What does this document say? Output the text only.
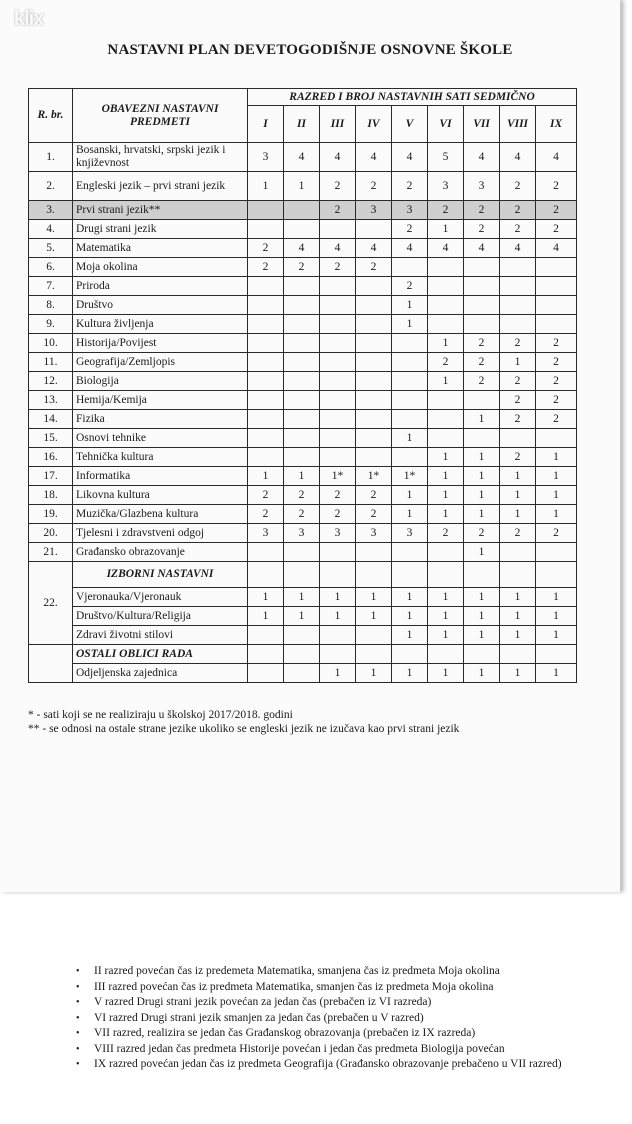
klix
NASTAVNI PLAN DEVETOGODIŠNJE OSNOVNE ŠKOLE
R. br.	OBAVEZNI NASTAVNI PREDMETI	RAZRED I BROJ NASTAVNIH SATI SEDMIČNO								
		I	II	III	IV	V	VI	VII	VIII	IX
1.	Bosanski, hrvatski, srpski jezik i književnost	3	4	4	4	4	5	4	4	4
2.	Engleski jezik – prvi strani jezik	1	1	2	2	2	3	3	2	2
3.	Prvi strani jezik**			2	3	3	2	2	2	2
4.	Drugi strani jezik					2	1	2	2	2
5.	Matematika	2	4	4	4	4	4	4	4	4
6.	Moja okolina	2	2	2	2					
7.	Priroda					2				
8.	Društvo					1				
9.	Kultura življenja					1				
10.	Historija/Povijest						1	2	2	2
11.	Geografija/Zemljopis						2	2	1	2
12.	Biologija						1	2	2	2
13.	Hemija/Kemija								2	2
14.	Fizika							1	2	2
15.	Osnovi tehnike					1				
16.	Tehnička kultura						1	1	2	1
17.	Informatika	1	1	1*	1*	1*	1	1	1	1
18.	Likovna kultura	2	2	2	2	1	1	1	1	1
19.	Muzička/Glazbena kultura	2	2	2	2	1	1	1	1	1
20.	Tjelesni i zdravstveni odgoj	3	3	3	3	3	2	2	2	2
21.	Građansko obrazovanje							1		
22.	IZBORNI NASTAVNI									
	Vjeronauka/Vjeronauk	1	1	1	1	1	1	1	1	1
	Društvo/Kultura/Religija	1	1	1	1	1	1	1	1	1
	Zdravi životni stilovi					1	1	1	1	1
	OSTALI OBLICI RADA									
	Odjeljenska zajednica			1	1	1	1	1	1	1
* - sati koji se ne realiziraju u školskoj 2017/2018. godini
** - se odnosi na ostale strane jezike ukoliko se engleski jezik ne izučava kao prvi strani jezik
• II razred povećan čas iz predemeta Matematika, smanjena čas iz predmeta Moja okolina
• III razred povećan čas iz predmeta Matematika, smanjen čas iz predmeta Moja okolina
• V razred Drugi strani jezik povećan za jedan čas (prebačen iz VI razreda)
• VI razred Drugi strani jezik smanjen za jedan čas (prebačen u V razred)
• VII razred, realizira se jedan čas Građanskog obrazovanja (prebačen iz IX razreda)
• VIII razred jedan čas predmeta Historije povećan i jedan čas predmeta Biologija povećan
• IX razred povećan jedan čas iz predmeta Geografija (Građansko obrazovanje prebačeno u VII razred)
